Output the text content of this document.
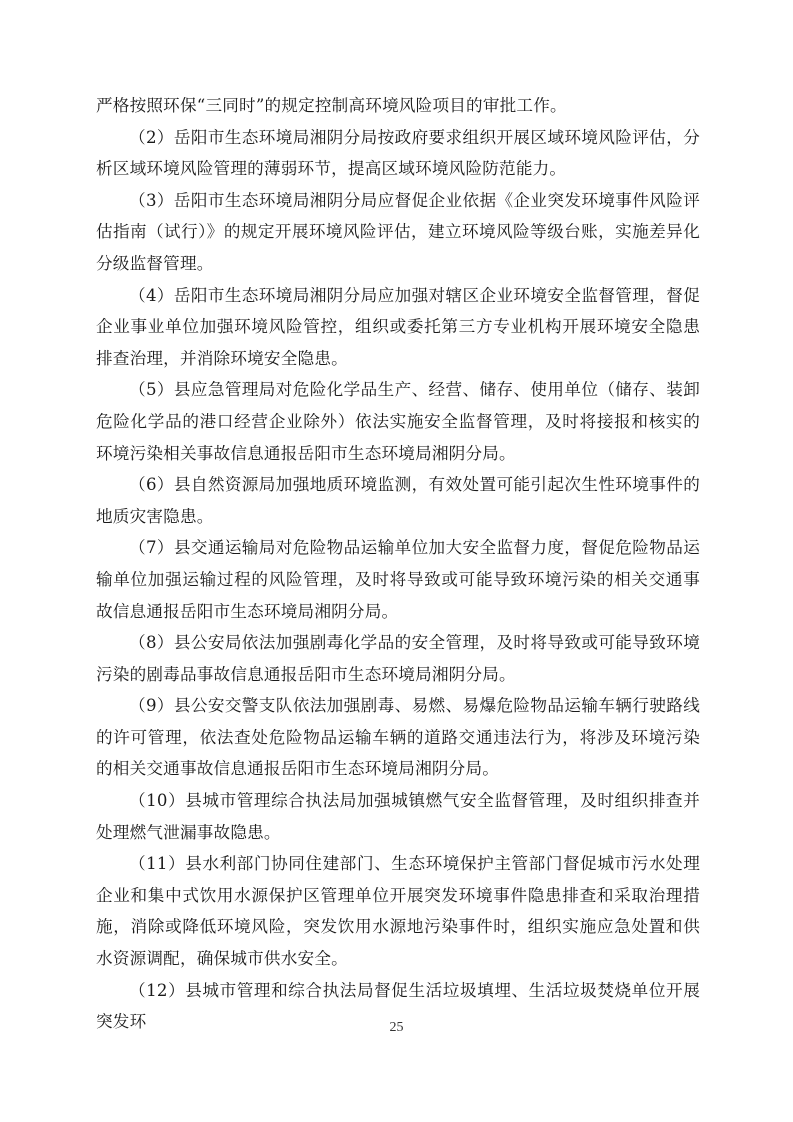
严格按照环保“三同时”的规定控制高环境风险项目的审批工作。

（2）岳阳市生态环境局湘阴分局按政府要求组织开展区域环境风险评估，分析区域环境风险管理的薄弱环节，提高区域环境风险防范能力。

（3）岳阳市生态环境局湘阴分局应督促企业依据《企业突发环境事件风险评估指南（试行）》的规定开展环境风险评估，建立环境风险等级台账，实施差异化分级监督管理。

（4）岳阳市生态环境局湘阴分局应加强对辖区企业环境安全监督管理，督促企业事业单位加强环境风险管控，组织或委托第三方专业机构开展环境安全隐患排查治理，并消除环境安全隐患。

（5）县应急管理局对危险化学品生产、经营、储存、使用单位（储存、装卸危险化学品的港口经营企业除外）依法实施安全监督管理，及时将接报和核实的环境污染相关事故信息通报岳阳市生态环境局湘阴分局。

（6）县自然资源局加强地质环境监测，有效处置可能引起次生性环境事件的地质灾害隐患。

（7）县交通运输局对危险物品运输单位加大安全监督力度，督促危险物品运输单位加强运输过程的风险管理，及时将导致或可能导致环境污染的相关交通事故信息通报岳阳市生态环境局湘阴分局。

（8）县公安局依法加强剧毒化学品的安全管理，及时将导致或可能导致环境污染的剧毒品事故信息通报岳阳市生态环境局湘阴分局。

（9）县公安交警支队依法加强剧毒、易燃、易爆危险物品运输车辆行驶路线的许可管理，依法查处危险物品运输车辆的道路交通违法行为，将涉及环境污染的相关交通事故信息通报岳阳市生态环境局湘阴分局。

（10）县城市管理综合执法局加强城镇燃气安全监督管理，及时组织排查并处理燃气泄漏事故隐患。

（11）县水利部门协同住建部门、生态环境保护主管部门督促城市污水处理企业和集中式饮用水源保护区管理单位开展突发环境事件隐患排查和采取治理措施，消除或降低环境风险，突发饮用水源地污染事件时，组织实施应急处置和供水资源调配，确保城市供水安全。

（12）县城市管理和综合执法局督促生活垃圾填埋、生活垃圾焚烧单位开展突发环	25
